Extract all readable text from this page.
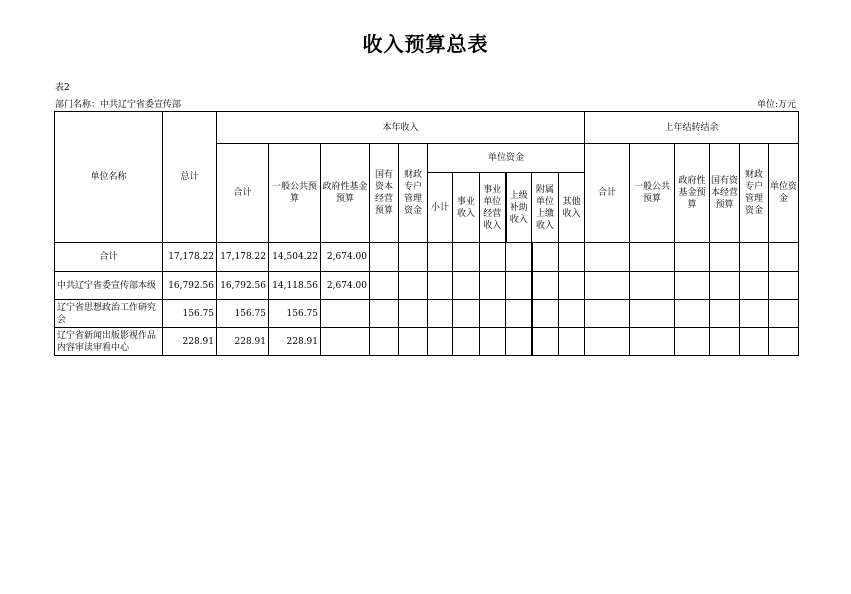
收入预算总表
表2
部门名称：中共辽宁省委宣传部	单位:万元
单位名称	总计	本年收入											上年结转结余					
		合计	一般公共预算	政府性基金预算	国有资本经营预算	财政专户管理资金	单位资金						合计	一般公共预算	政府性基金预算	国有资本经营预算	财政专户管理资金	单位资金
							小计	事业收入	事业单位经营收入	上级补助收入	附属单位上缴收入	其他收入						
合计	17,178.22	17,178.22	14,504.22	2,674.00														
中共辽宁省委宣传部本级	16,792.56	16,792.56	14,118.56	2,674.00														
辽宁省思想政治工作研究会	156.75	156.75	156.75															
辽宁省新闻出版影视作品内容审读审看中心	228.91	228.91	228.91															
